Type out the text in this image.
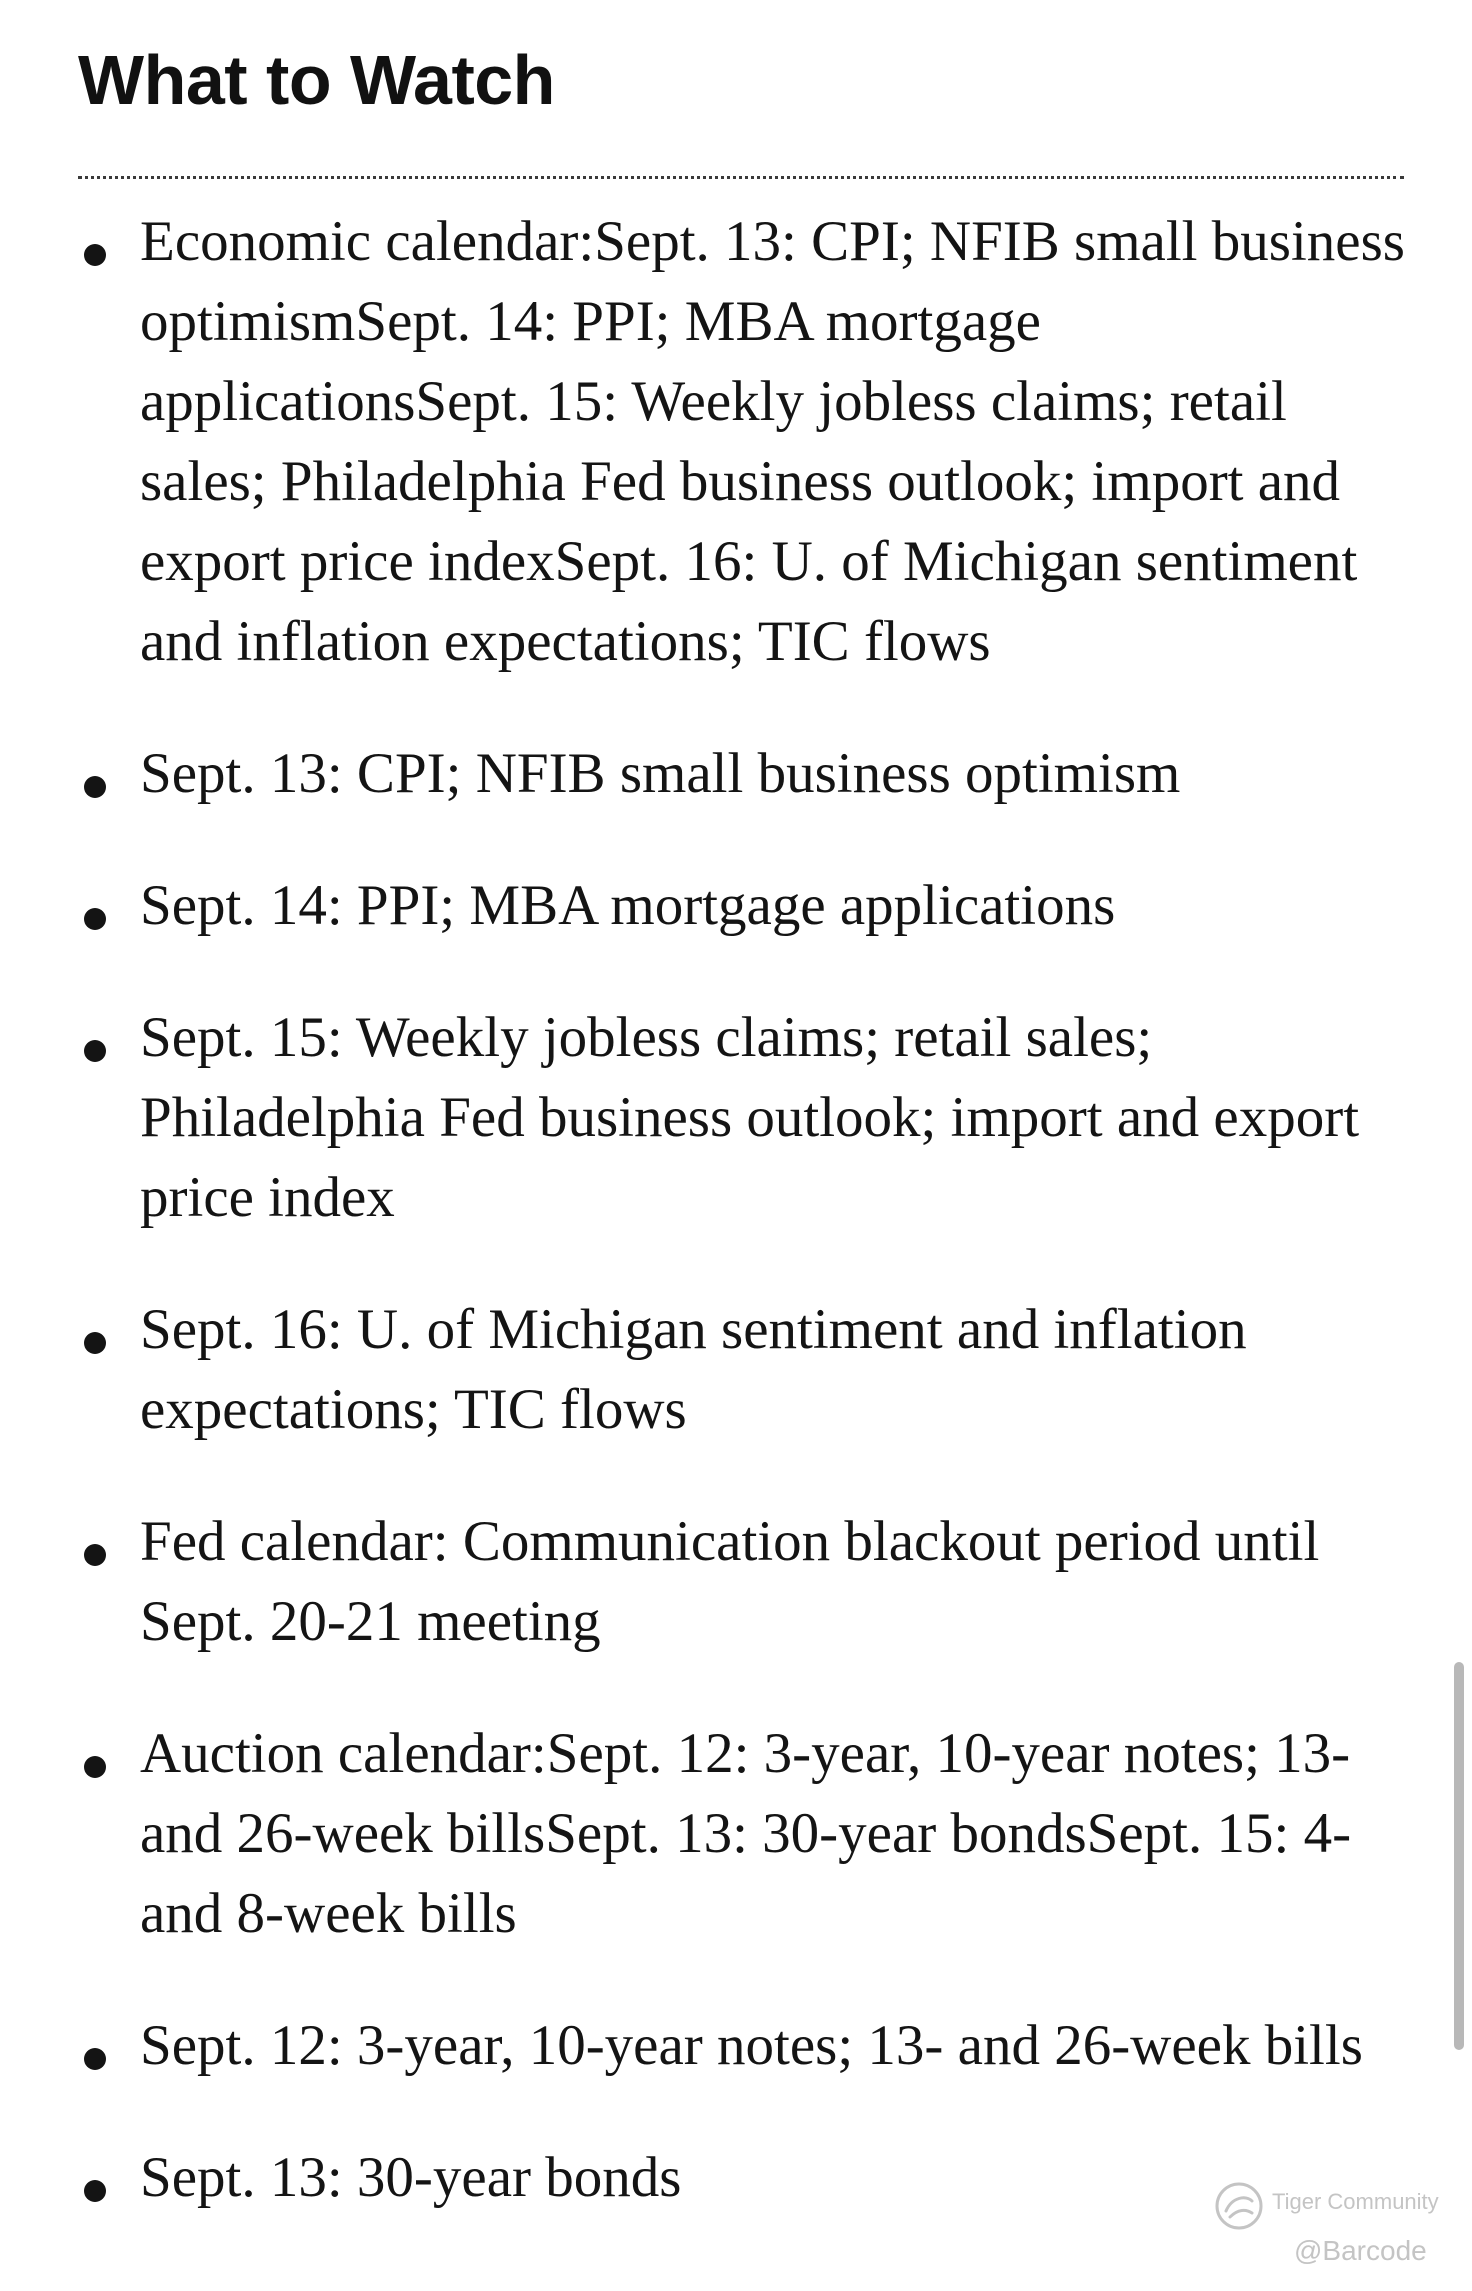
What to Watch
Economic calendar:Sept. 13: CPI; NFIB small business optimismSept. 14: PPI; MBA mortgage applicationsSept. 15: Weekly jobless claims; retail sales; Philadelphia Fed business outlook; import and export price indexSept. 16: U. of Michigan sentiment and inflation expectations; TIC flows
Sept. 13: CPI; NFIB small business optimism
Sept. 14: PPI; MBA mortgage applications
Sept. 15: Weekly jobless claims; retail sales; Philadelphia Fed business outlook; import and export price index
Sept. 16: U. of Michigan sentiment and inflation expectations; TIC flows
Fed calendar: Communication blackout period until Sept. 20-21 meeting
Auction calendar:Sept. 12: 3-year, 10-year notes; 13- and 26-week billsSept. 13: 30-year bondsSept. 15: 4- and 8-week bills
Sept. 12: 3-year, 10-year notes; 13- and 26-week bills
Sept. 13: 30-year bonds	Tiger Community
@Barcode
